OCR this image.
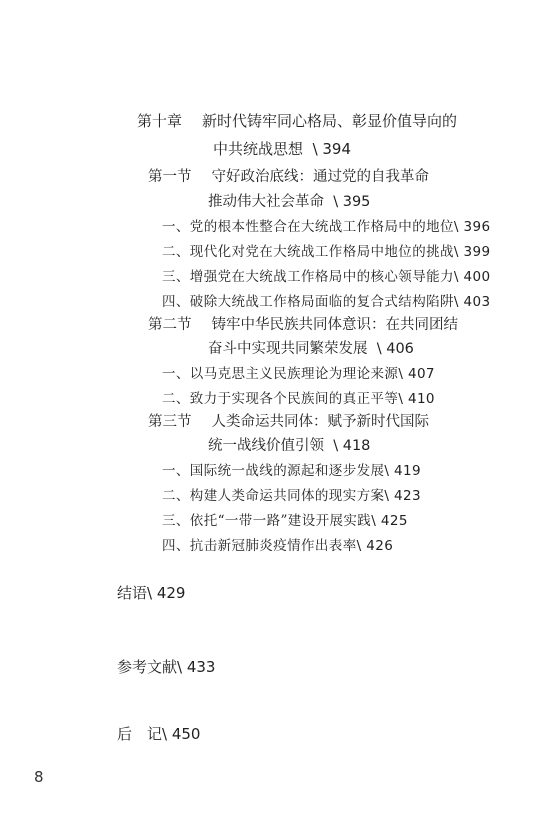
第十章 新时代铸牢同心格局、彰显价值导向的
中共统战思想 \ 394
第一节 守好政治底线：通过党的自我革命
推动伟大社会革命 \ 395
一、党的根本性整合在大统战工作格局中的地位\ 396
二、现代化对党在大统战工作格局中地位的挑战\ 399
三、增强党在大统战工作格局中的核心领导能力\ 400
四、破除大统战工作格局面临的复合式结构陷阱\ 403
第二节 铸牢中华民族共同体意识：在共同团结
奋斗中实现共同繁荣发展 \ 406
一、以马克思主义民族理论为理论来源\ 407
二、致力于实现各个民族间的真正平等\ 410
第三节 人类命运共同体：赋予新时代国际
统一战线价值引领 \ 418
一、国际统一战线的源起和逐步发展\ 419
二、构建人类命运共同体的现实方案\ 423
三、依托“一带一路”建设开展实践\ 425
四、抗击新冠肺炎疫情作出表率\ 426
结语\ 429
参考文献\ 433
后　记\ 450
8
